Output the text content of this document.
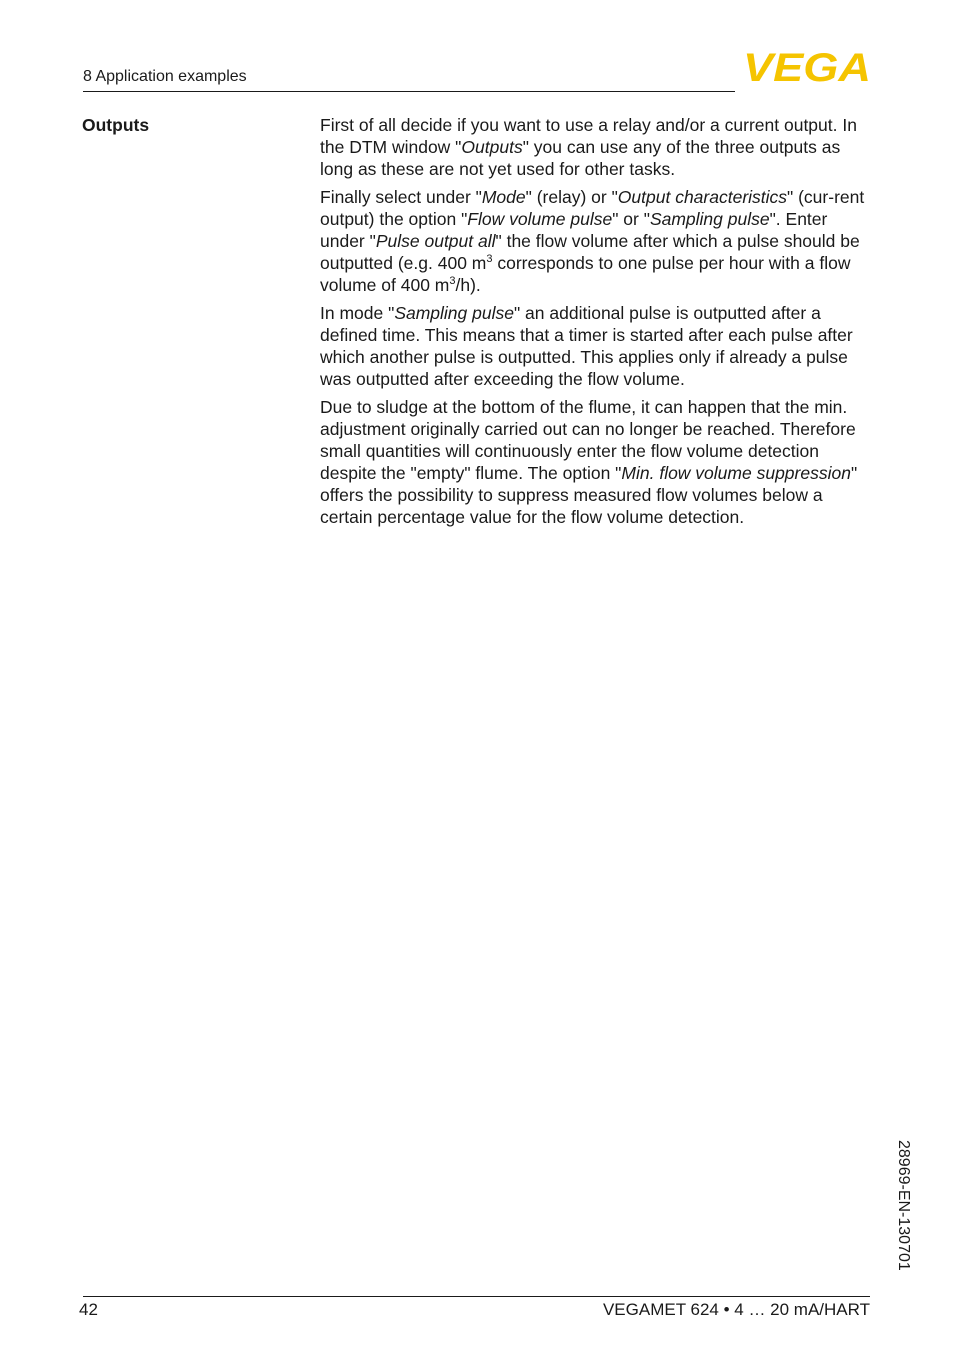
8 Application examples	VEGA
Outputs	First of all decide if you want to use a relay and/or a current output. In the DTM window "Outputs" you can use any of the three outputs as long as these are not yet used for other tasks.

Finally select under "Mode" (relay) or "Output characteristics" (cur-rent output) the option "Flow volume pulse" or "Sampling pulse". Enter under "Pulse output all" the flow volume after which a pulse should be outputted (e.g. 400 $m^3$ corresponds to one pulse per hour with a flow volume of 400 $m^3/h$).

In mode "Sampling pulse" an additional pulse is outputted after a defined time. This means that a timer is started after each pulse after which another pulse is outputted. This applies only if already a pulse was outputted after exceeding the flow volume.

Due to sludge at the bottom of the flume, it can happen that the min. adjustment originally carried out can no longer be reached. Therefore small quantities will continuously enter the flow volume detection despite the "empty" flume. The option "Min. flow volume suppression" offers the possibility to suppress measured flow volumes below a certain percentage value for the flow volume detection.

28969-EN-130701
42	VEGAMET 624 • 4 … 20 mA/HART
